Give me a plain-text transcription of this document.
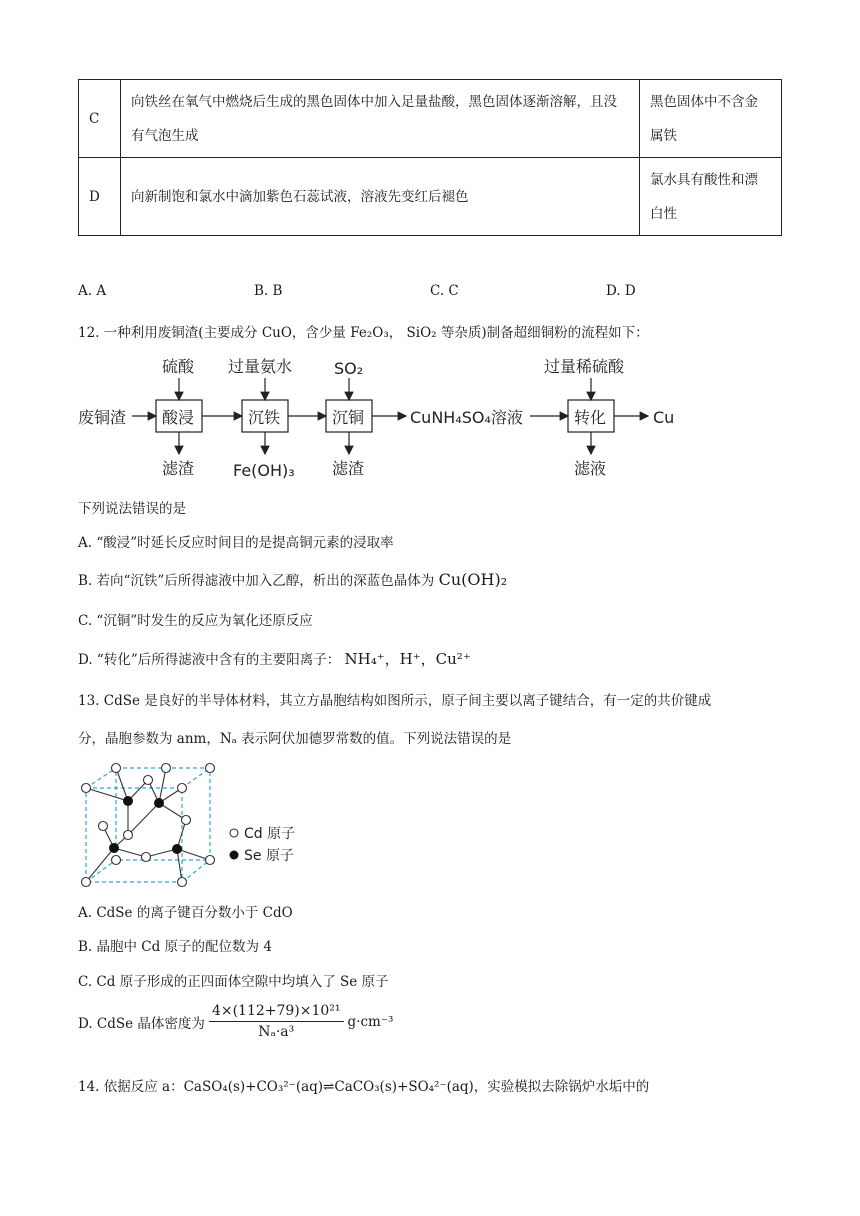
C	向铁丝在氧气中燃烧后生成的黑色固体中加入足量盐酸，黑色固体逐渐溶解，且没有气泡生成	黑色固体中不含金属铁
D	向新制饱和氯水中滴加紫色石蕊试液，溶液先变红后褪色	氯水具有酸性和漂白性
A. A	B. B	C. C	D. D
12. 一种利用废铜渣(主要成分 CuO，含少量 Fe₂O₃， SiO₂ 等杂质)制备超细铜粉的流程如下：
废铜渣 酸浸	沉铁	沉铜	转化
CuNH₄SO₄溶液	Cu
硫酸 过量氨水	SO₂	过量稀硫酸
滤渣 Fe(OH)₃ 滤渣	滤液
下列说法错误的是
A. “酸浸”时延长反应时间目的是提高铜元素的浸取率
B. 若向“沉铁”后所得滤液中加入乙醇，析出的深蓝色晶体为 Cu(OH)₂
C. “沉铜”时发生的反应为氧化还原反应
D. “转化”后所得滤液中含有的主要阳离子： NH₄⁺，H⁺，Cu²⁺
13. CdSe 是良好的半导体材料，其立方晶胞结构如图所示，原子间主要以离子键结合，有一定的共价键成
分，晶胞参数为 anm，Nₐ 表示阿伏加德罗常数的值。下列说法错误的是
Cd 原子
Se 原子
A. CdSe 的离子键百分数小于 CdO
B. 晶胞中 Cd 原子的配位数为 4
C. Cd 原子形成的正四面体空隙中均填入了 Se 原子
D. CdSe 晶体密度为 $\frac{\text{4×(112+79)×10²¹}}{\text{Nₐ·a³}} g\cdot cm^{-3}$
14. 依据反应 a：CaSO₄(s)+CO₃²⁻(aq)⇌CaCO₃(s)+SO₄²⁻(aq)，实验模拟去除锅炉水垢中的
